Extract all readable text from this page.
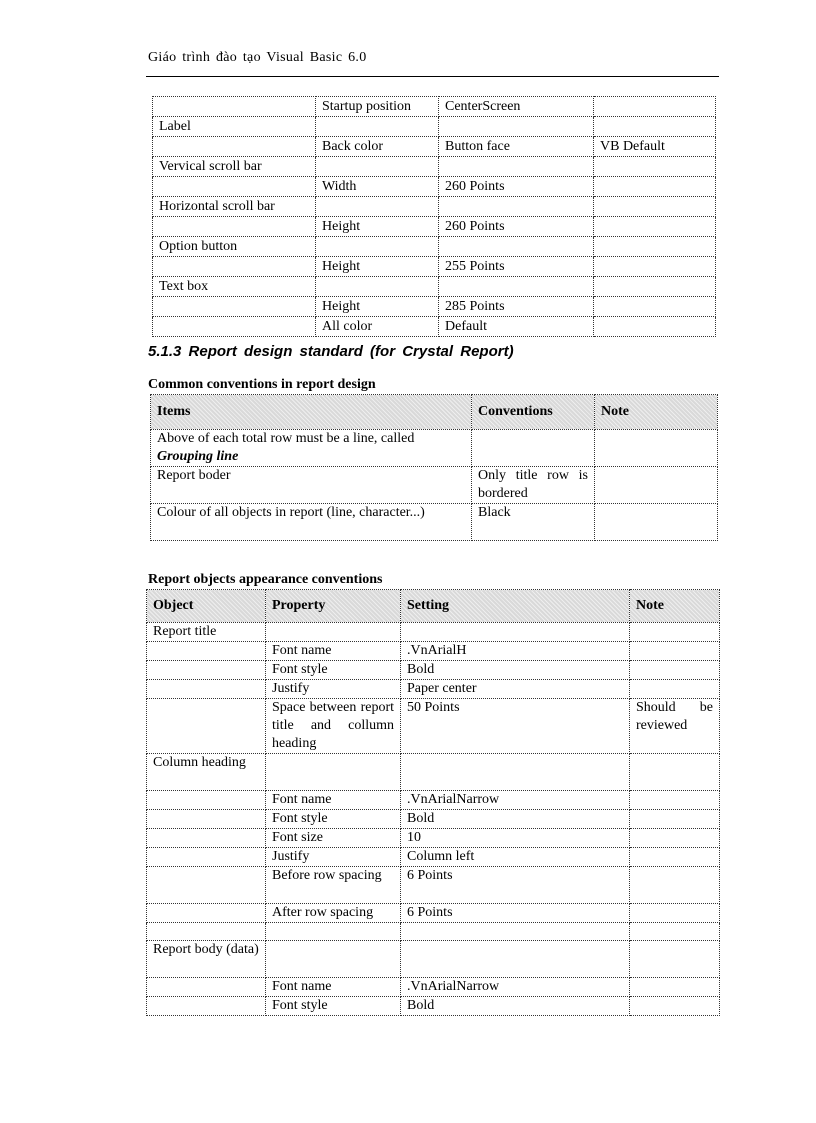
Giáo trình đào tạo Visual Basic 6.0
	Startup position	CenterScreen	
Label			
	Back color	Button face	VB Default
Vervical scroll bar			
	Width	260 Points	
Horizontal scroll bar			
	Height	260 Points	
Option button			
	Height	255 Points	
Text box			
	Height	285 Points	
	All color	Default	
5.1.3 Report design standard (for Crystal Report)
Common conventions in report design
Items	Conventions	Note
Above of each total row must be a line, called
Grouping line		
Report boder	Only title row is bordered	
Colour of all objects in report (line, character...)	Black	
Report objects appearance conventions
Object	Property	Setting	Note
Report title			
	Font name	.VnArialH	
	Font style	Bold	
	Justify	Paper center	
	Space between report title and collumn heading	50 Points	Should be reviewed
Column heading			
	Font name	.VnArialNarrow	
	Font style	Bold	
	Font size	10	
	Justify	Column left	
	Before row spacing	6 Points	
	After row spacing	6 Points	

Report body (data)			
	Font name	.VnArialNarrow	
	Font style	Bold	
